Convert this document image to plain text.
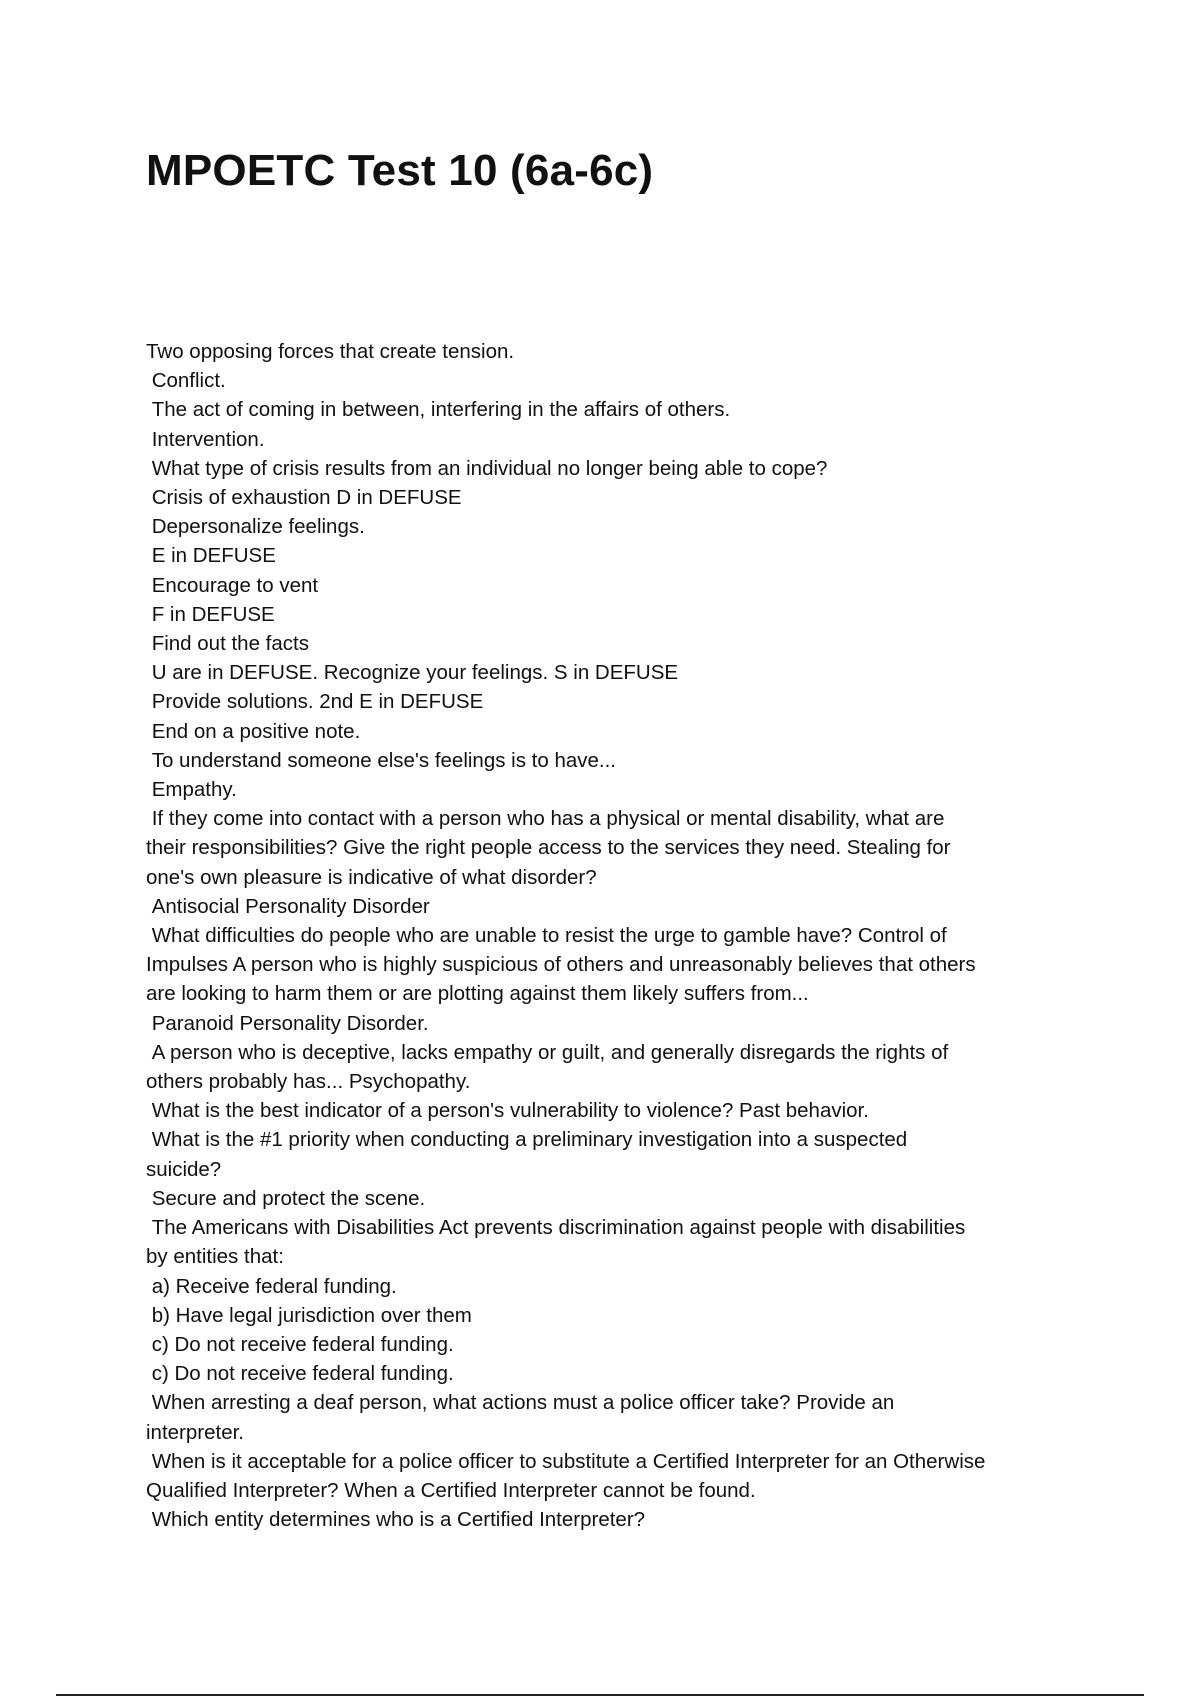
MPOETC Test 10 (6a-6c)

Two opposing forces that create tension.

Conflict.

The act of coming in between, interfering in the affairs of others.

Intervention.

What type of crisis results from an individual no longer being able to cope?

Crisis of exhaustion D in DEFUSE

Depersonalize feelings.

E in DEFUSE

Encourage to vent

F in DEFUSE

Find out the facts

U are in DEFUSE. Recognize your feelings. S in DEFUSE

Provide solutions. 2nd E in DEFUSE

End on a positive note.

To understand someone else's feelings is to have...

Empathy.

If they come into contact with a person who has a physical or mental disability, what are

their responsibilities? Give the right people access to the services they need. Stealing for

one's own pleasure is indicative of what disorder?

Antisocial Personality Disorder

What difficulties do people who are unable to resist the urge to gamble have? Control of

Impulses A person who is highly suspicious of others and unreasonably believes that others

are looking to harm them or are plotting against them likely suffers from...

Paranoid Personality Disorder.

A person who is deceptive, lacks empathy or guilt, and generally disregards the rights of

others probably has... Psychopathy.

What is the best indicator of a person's vulnerability to violence? Past behavior.

What is the #1 priority when conducting a preliminary investigation into a suspected

suicide?

Secure and protect the scene.

The Americans with Disabilities Act prevents discrimination against people with disabilities

by entities that:

a) Receive federal funding.

b) Have legal jurisdiction over them

c) Do not receive federal funding.

c) Do not receive federal funding.

When arresting a deaf person, what actions must a police officer take? Provide an

interpreter.

When is it acceptable for a police officer to substitute a Certified Interpreter for an Otherwise

Qualified Interpreter? When a Certified Interpreter cannot be found.

Which entity determines who is a Certified Interpreter?
